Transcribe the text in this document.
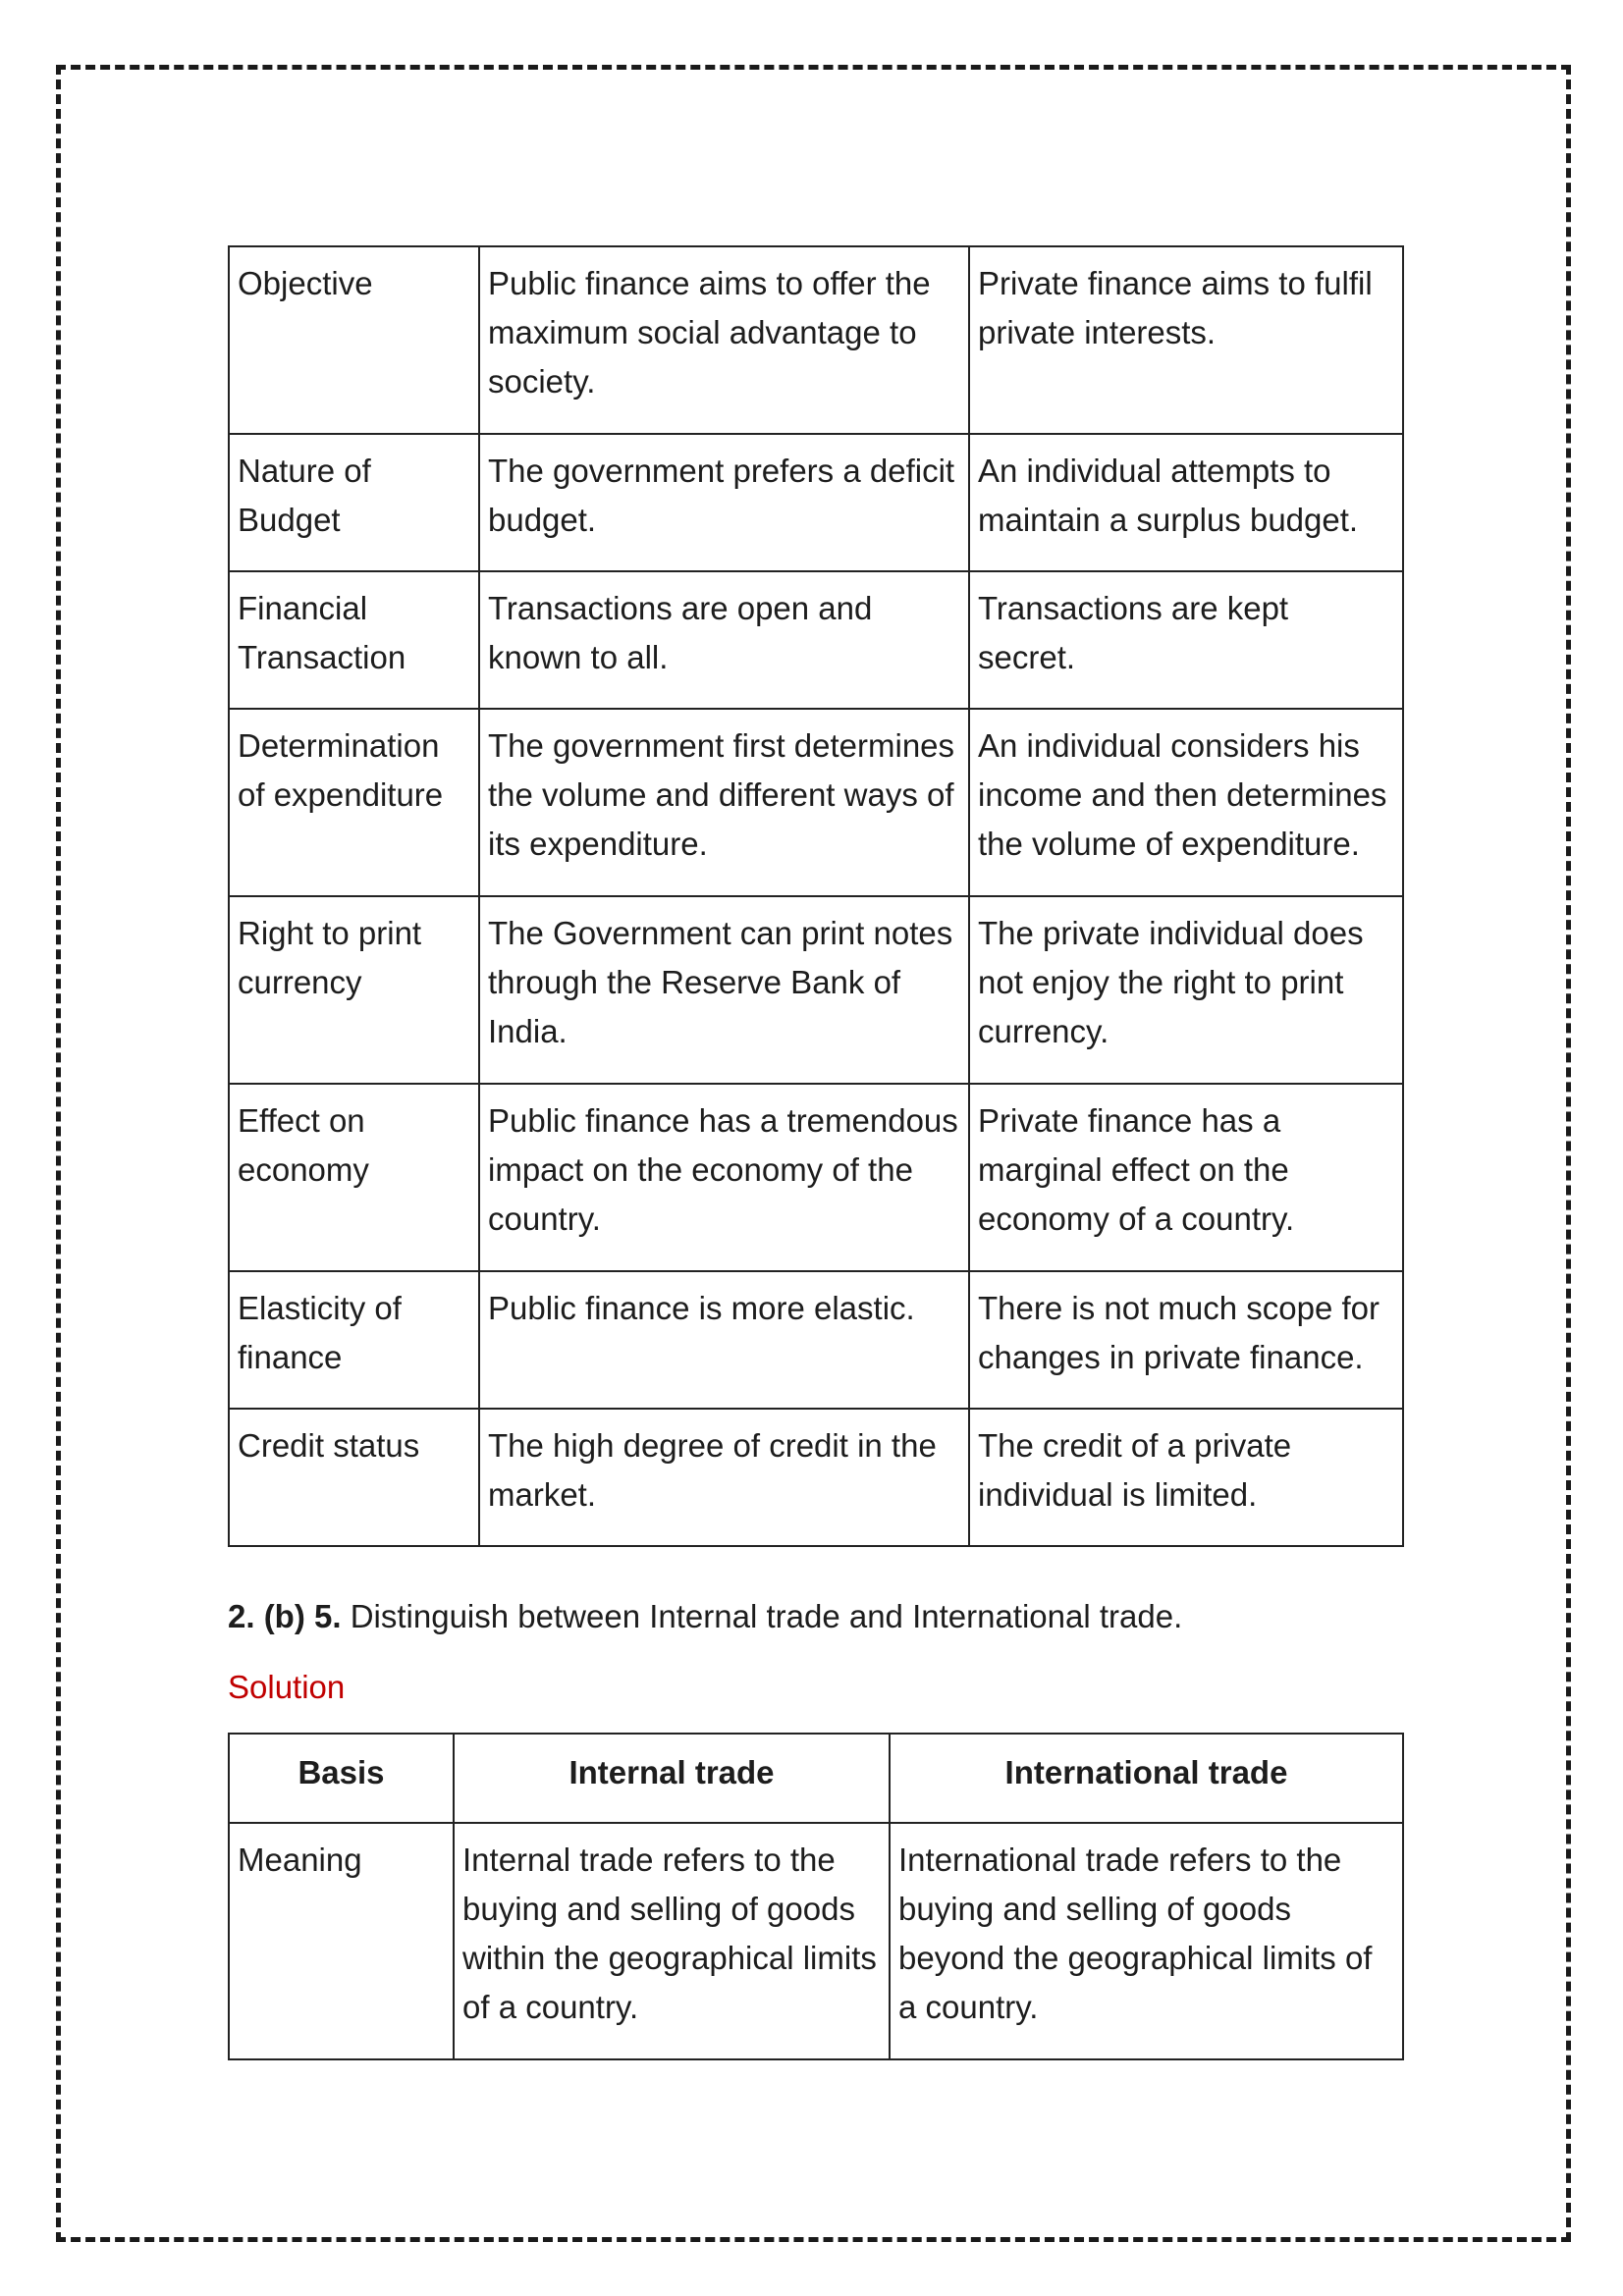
Objective	Public finance aims to offer the maximum social advantage to society.	Private finance aims to fulfil private interests.
Nature of Budget	The government prefers a deficit budget.	An individual attempts to maintain a surplus budget.
Financial Transaction	Transactions are open and known to all.	Transactions are kept secret.
Determination of expenditure	The government first determines the volume and different ways of its expenditure.	An individual considers his income and then determines the volume of expenditure.
Right to print currency	The Government can print notes through the Reserve Bank of India.	The private individual does not enjoy the right to print currency.
Effect on economy	Public finance has a tremendous impact on the economy of the country.	Private finance has a marginal effect on the economy of a country.
Elasticity of finance	Public finance is more elastic.	There is not much scope for changes in private finance.
Credit status	The high degree of credit in the market.	The credit of a private individual is limited.
2. (b) 5. Distinguish between Internal trade and International trade.
Solution
Basis	Internal trade	International trade
Meaning	Internal trade refers to the buying and selling of goods within the geographical limits of a country.	International trade refers to the buying and selling of goods beyond the geographical limits of a country.
